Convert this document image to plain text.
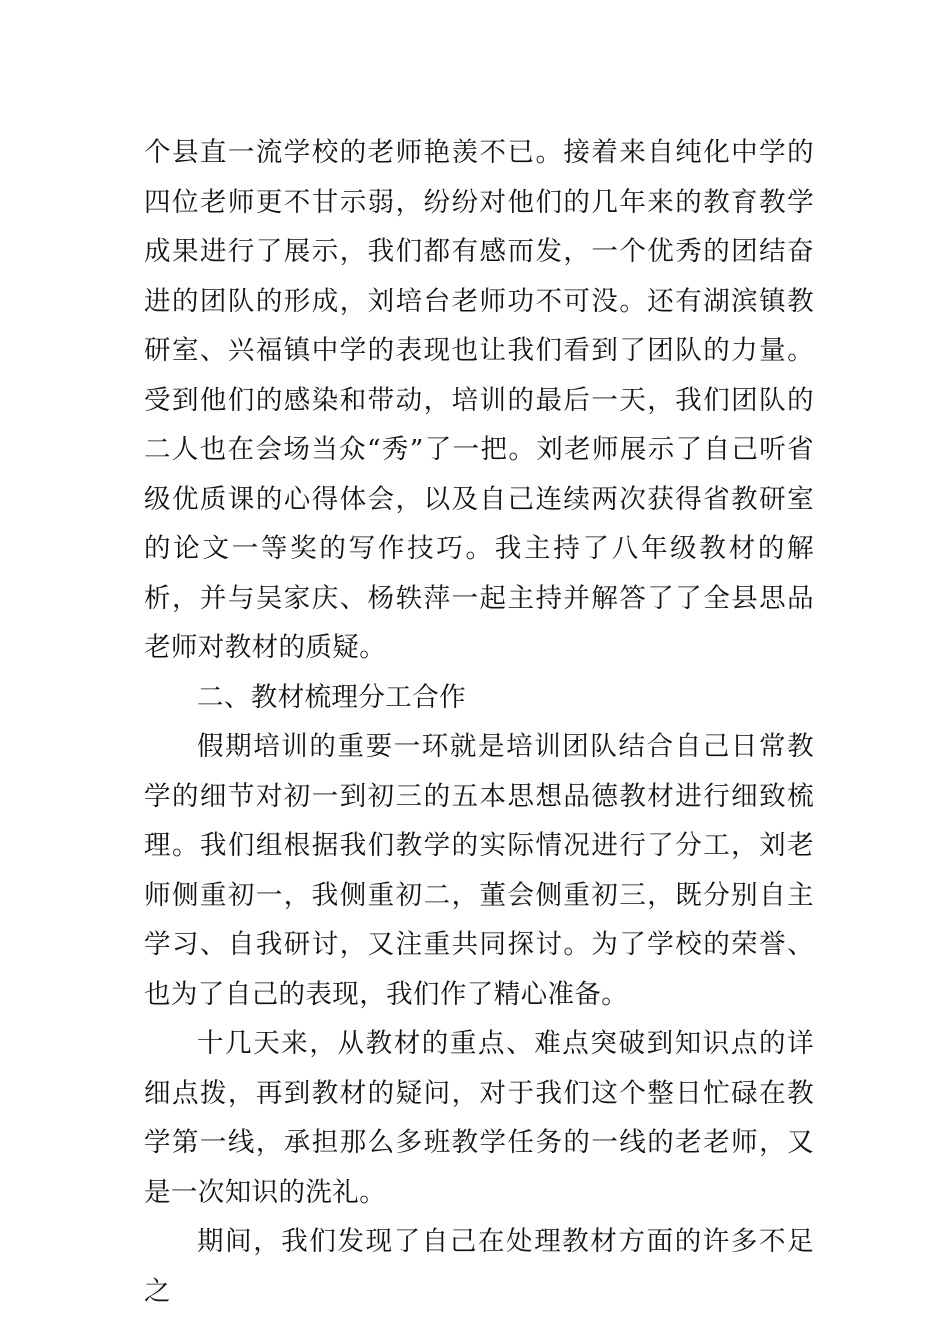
个县直一流学校的老师艳羡不已。接着来自纯化中学的四位老师更不甘示弱，纷纷对他们的几年来的教育教学成果进行了展示，我们都有感而发，一个优秀的团结奋进的团队的形成，刘培台老师功不可没。还有湖滨镇教研室、兴福镇中学的表现也让我们看到了团队的力量。受到他们的感染和带动，培训的最后一天，我们团队的二人也在会场当众“秀”了一把。刘老师展示了自己听省级优质课的心得体会，以及自己连续两次获得省教研室的论文一等奖的写作技巧。我主持了八年级教材的解析，并与吴家庆、杨轶萍一起主持并解答了了全县思品老师对教材的质疑。

二、教材梳理分工合作

假期培训的重要一环就是培训团队结合自己日常教学的细节对初一到初三的五本思想品德教材进行细致梳理。我们组根据我们教学的实际情况进行了分工，刘老师侧重初一，我侧重初二，董会侧重初三，既分别自主学习、自我研讨，又注重共同探讨。为了学校的荣誉、也为了自己的表现，我们作了精心准备。

十几天来，从教材的重点、难点突破到知识点的详细点拨，再到教材的疑问，对于我们这个整日忙碌在教学第一线，承担那么多班教学任务的一线的老老师，又是一次知识的洗礼。

期间，我们发现了自己在处理教材方面的许多不足之
